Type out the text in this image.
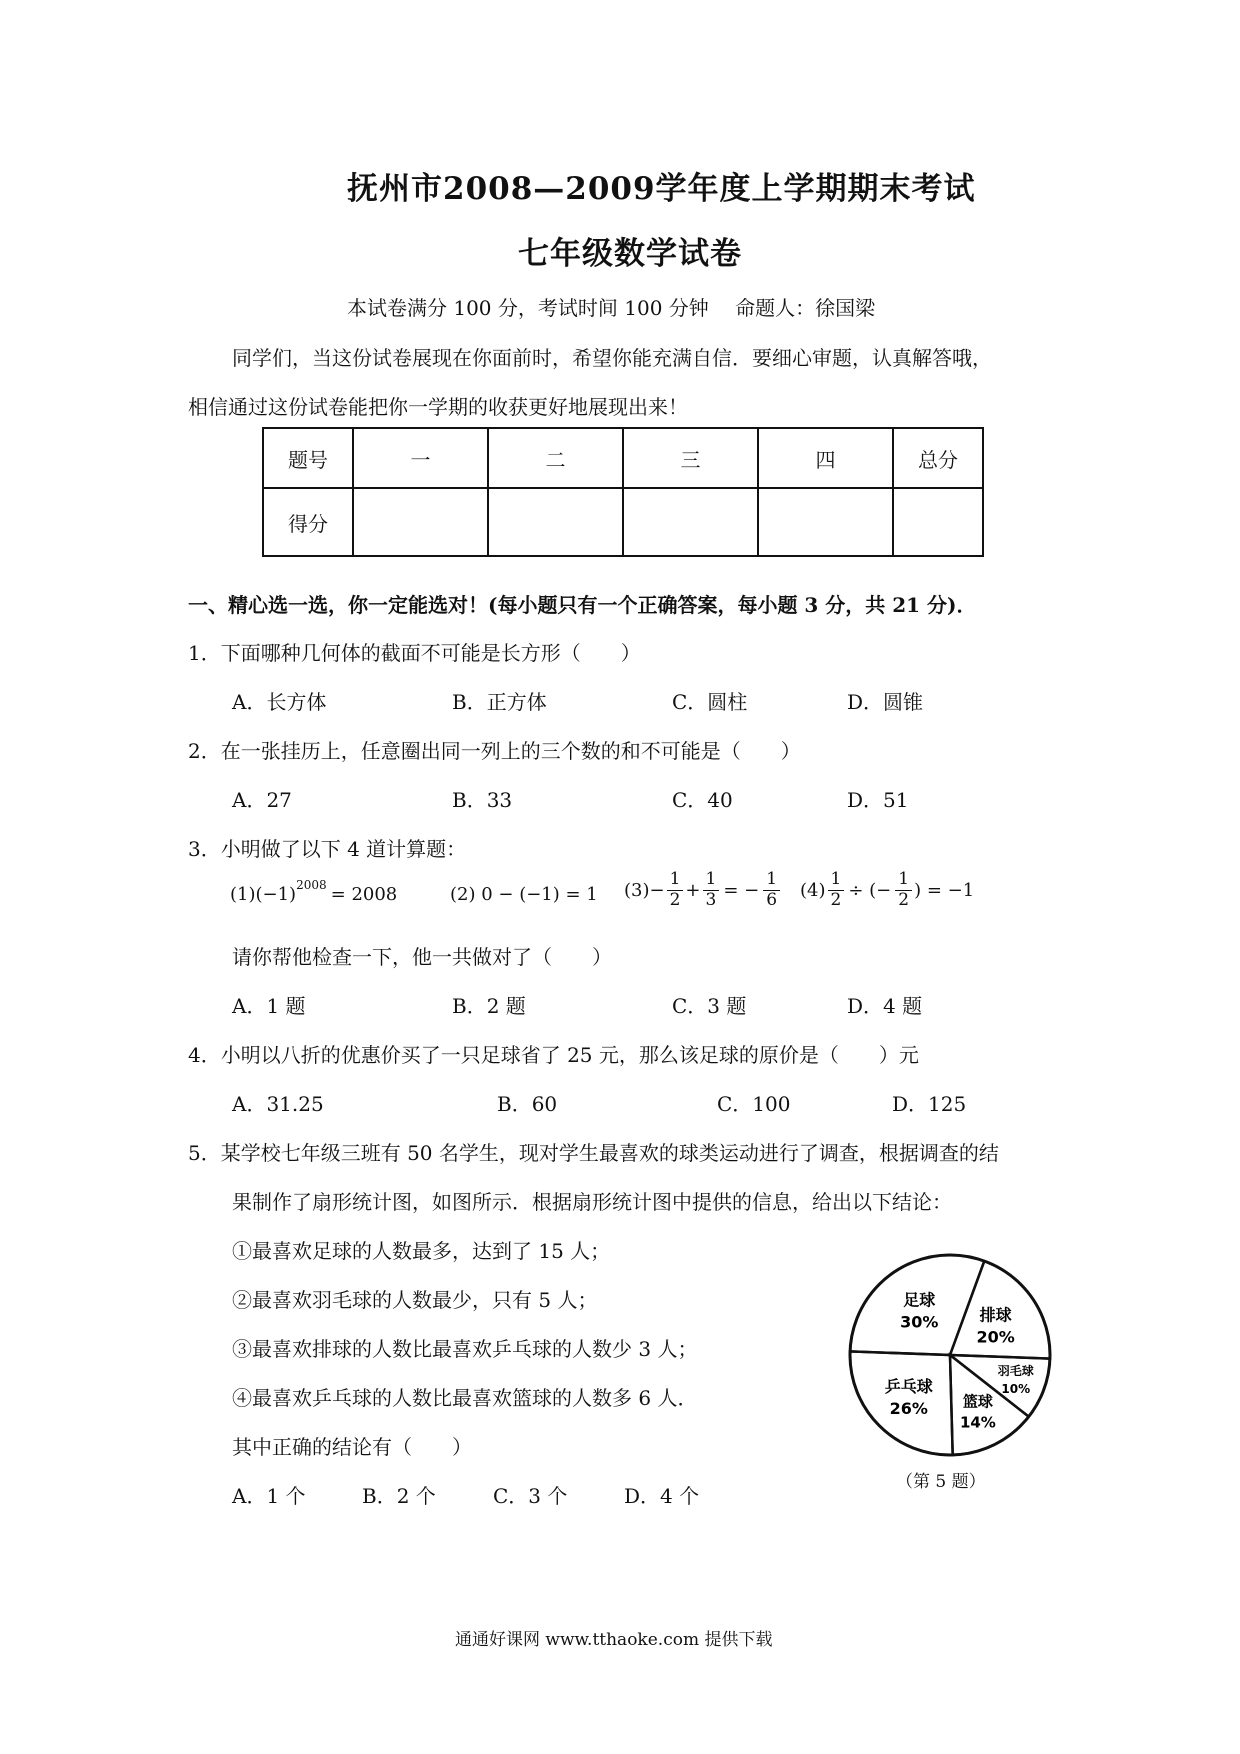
抚州市2008—2009学年度上学期期末考试
七年级数学试卷
本试卷满分 100 分，考试时间 100 分钟　 命题人：徐国梁
同学们，当这份试卷展现在你面前时，希望你能充满自信．要细心审题，认真解答哦，
相信通过这份试卷能把你一学期的收获更好地展现出来！
题号	一	二	三	四	总分
得分					
一、精心选一选，你一定能选对！(每小题只有一个正确答案，每小题 3 分，共 21 分)．
1．下面哪种几何体的截面不可能是长方形（　　）
A．长方体	B．正方体	C．圆柱	D．圆锥
2．在一张挂历上，任意圈出同一列上的三个数的和不可能是（　　）
A．27	B．33	C．40	D．51
3．小明做了以下 4 道计算题：
(1) (−1) 2008 = 2008	(2) 0 − (−1) = 1 $(3) - \frac{1}{2} + \frac{1}{3}$ = − $\frac{1}{6} (4) \frac{1}{2}$ ÷ (− $\frac{1}{2}$ ) = −1
请你帮他检查一下，他一共做对了（　　）
A．1 题	B．2 题	C．3 题	D．4 题
4．小明以八折的优惠价买了一只足球省了 25 元，那么该足球的原价是（　　）元
A．31.25	B．60	C．100	D．125
5．某学校七年级三班有 50 名学生，现对学生最喜欢的球类运动进行了调查，根据调查的结
果制作了扇形统计图，如图所示．根据扇形统计图中提供的信息，给出以下结论：
①最喜欢足球的人数最多，达到了 15 人；
②最喜欢羽毛球的人数最少，只有 5 人；
③最喜欢排球的人数比最喜欢乒乓球的人数少 3 人；
④最喜欢乒乓球的人数比最喜欢篮球的人数多 6 人．
其中正确的结论有（　　）
A．1 个	B．2 个	C．3 个	D．4 个
足球
30%	排球
20%
羽毛球
10%
篮球
14%
乒乓球
26%
（第 5 题）
通通好课网 www.tthaoke.com 提供下载
